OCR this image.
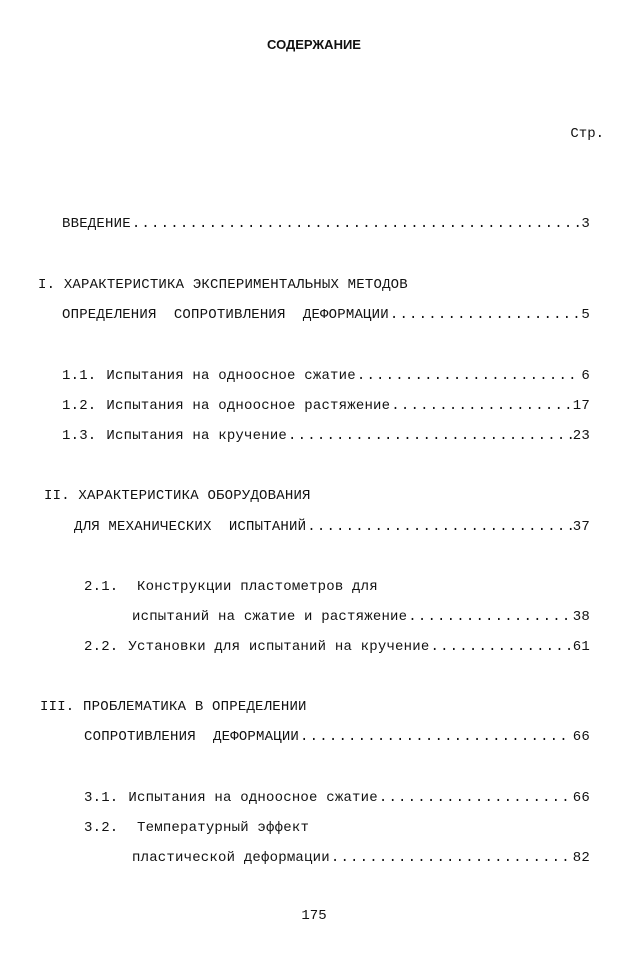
СОДЕРЖАНИЕ
Стр.
ВВЕДЕНИЕ .....	3
I. ХАРАКТЕРИСТИКА ЭКСПЕРИМЕНТАЛЬНЫХ МЕТОДОВ
ОПРЕДЕЛЕНИЯ  СОПРОТИВЛЕНИЯ  ДЕФОРМАЦИИ .....	5
1.1. Испытания на одноосное сжатие .....	6
1.2. Испытания на одноосное растяжение .....	17
1.3. Испытания на кручение .....	23
II. ХАРАКТЕРИСТИКА ОБОРУДОВАНИЯ
ДЛЯ МЕХАНИЧЕСКИХ  ИСПЫТАНИЙ .....	37
2.1. Конструкции пластометров для
испытаний на сжатие и растяжение .....	38
2.2. Установки для испытаний на кручение .....	61
III. ПРОБЛЕМАТИКА В ОПРЕДЕЛЕНИИ
СОПРОТИВЛЕНИЯ  ДЕФОРМАЦИИ .....	66
3.1. Испытания на одноосное сжатие .....	66
3.2. Температурный эффект
пластической деформации .....	82
175
